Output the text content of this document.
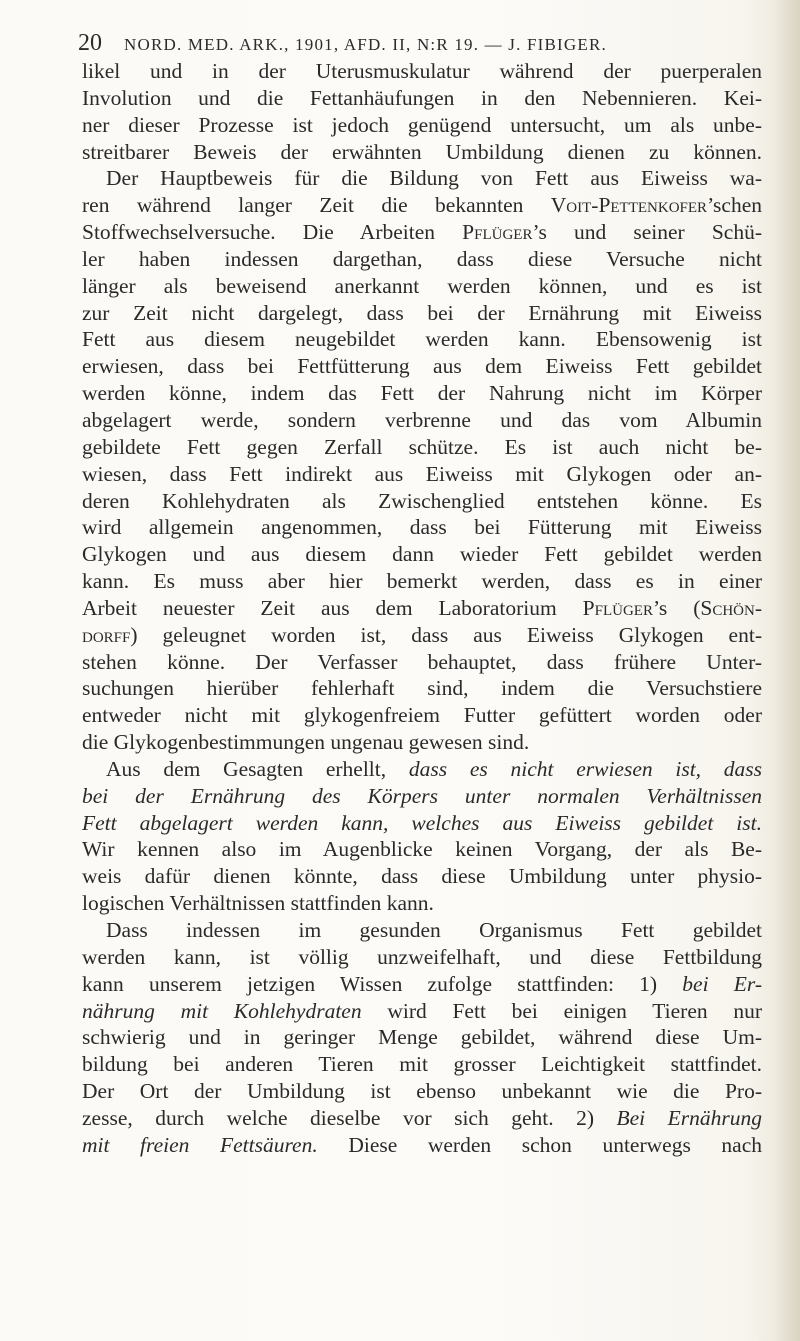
20 NORD. MED. ARK., 1901, AFD. II, N:R 19. — J. FIBIGER.
likel und in der Uterusmuskulatur während der puerperalen
Involution und die Fettanhäufungen in den Nebennieren. Kei-
ner dieser Prozesse ist jedoch genügend untersucht, um als unbe-
streitbarer Beweis der erwähnten Umbildung dienen zu können.
Der Hauptbeweis für die Bildung von Fett aus Eiweiss wa-
ren während langer Zeit die bekannten Voit-Pettenkofer’schen
Stoffwechselversuche. Die Arbeiten Pflüger’s und seiner Schü-
ler haben indessen dargethan, dass diese Versuche nicht
länger als beweisend anerkannt werden können, und es ist
zur Zeit nicht dargelegt, dass bei der Ernährung mit Eiweiss
Fett aus diesem neugebildet werden kann. Ebensowenig ist
erwiesen, dass bei Fettfütterung aus dem Eiweiss Fett gebildet
werden könne, indem das Fett der Nahrung nicht im Körper
abgelagert werde, sondern verbrenne und das vom Albumin
gebildete Fett gegen Zerfall schütze. Es ist auch nicht be-
wiesen, dass Fett indirekt aus Eiweiss mit Glykogen oder an-
deren Kohlehydraten als Zwischenglied entstehen könne. Es
wird allgemein angenommen, dass bei Fütterung mit Eiweiss
Glykogen und aus diesem dann wieder Fett gebildet werden
kann. Es muss aber hier bemerkt werden, dass es in einer
Arbeit neuester Zeit aus dem Laboratorium Pflüger’s (Schön-
dorff) geleugnet worden ist, dass aus Eiweiss Glykogen ent-
stehen könne. Der Verfasser behauptet, dass frühere Unter-
suchungen hierüber fehlerhaft sind, indem die Versuchstiere
entweder nicht mit glykogenfreiem Futter gefüttert worden oder
die Glykogenbestimmungen ungenau gewesen sind.
Aus dem Gesagten erhellt, dass es nicht erwiesen ist, dass
bei der Ernährung des Körpers unter normalen Verhältnissen
Fett abgelagert werden kann, welches aus Eiweiss gebildet ist.
Wir kennen also im Augenblicke keinen Vorgang, der als Be-
weis dafür dienen könnte, dass diese Umbildung unter physio-
logischen Verhältnissen stattfinden kann.
Dass indessen im gesunden Organismus Fett gebildet
werden kann, ist völlig unzweifelhaft, und diese Fettbildung
kann unserem jetzigen Wissen zufolge stattfinden: 1) bei Er-
nährung mit Kohlehydraten wird Fett bei einigen Tieren nur
schwierig und in geringer Menge gebildet, während diese Um-
bildung bei anderen Tieren mit grosser Leichtigkeit stattfindet.
Der Ort der Umbildung ist ebenso unbekannt wie die Pro-
zesse, durch welche dieselbe vor sich geht. 2) Bei Ernährung
mit freien Fettsäuren. Diese werden schon unterwegs nach
